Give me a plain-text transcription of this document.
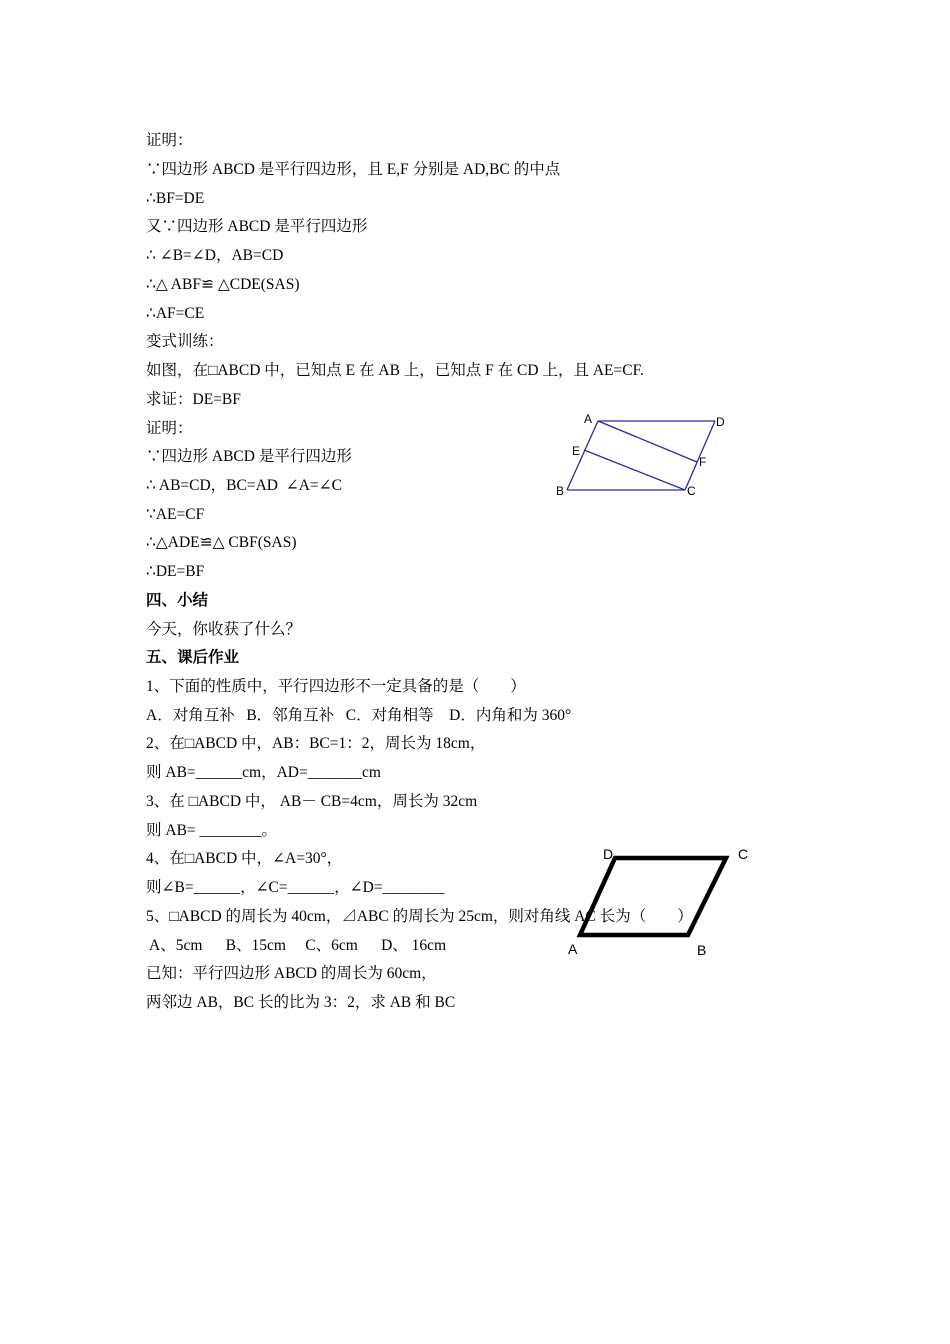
证明：
∵四边形 ABCD 是平行四边形，且 E,F 分别是 AD,BC 的中点
∴BF=DE
又∵四边形 ABCD 是平行四边形
∴ ∠B=∠D，AB=CD
∴△ ABF≌ △CDE(SAS)
∴AF=CE
变式训练：
如图，在□ABCD 中，已知点 E 在 AB 上，已知点 F 在 CD 上，且 AE=CF.
求证：DE=BF
证明：
∵四边形 ABCD 是平行四边形
∴ AB=CD，BC=AD  ∠A=∠C
∵AE=CF
∴△ADE≌△ CBF(SAS)
∴DE=BF
四、小结
今天，你收获了什么？
五、课后作业
1、下面的性质中，平行四边形不一定具备的是（        ）
A．对角互补   B．邻角互补   C．对角相等    D．内角和为 360°
2、在□ABCD 中，AB：BC=1：2，周长为 18cm，
则 AB=______cm，AD=_______cm
3、在 □ABCD 中， AB－ CB=4cm，周长为 32cm
则 AB= ________。
4、在□ABCD 中，∠A=30°，
则∠B=______，∠C=______，∠D=________
5、□ABCD 的周长为 40cm，⊿ABC 的周长为 25cm，则对角线 AC 长为（        ）
A、5cm      B、15cm     C、6cm      D、 16cm
已知：平行四边形 ABCD 的周长为 60cm，
两邻边 AB，BC 长的比为 3：2，求 AB 和 BC
A	D
E
F
B	C
D	C
A	B
